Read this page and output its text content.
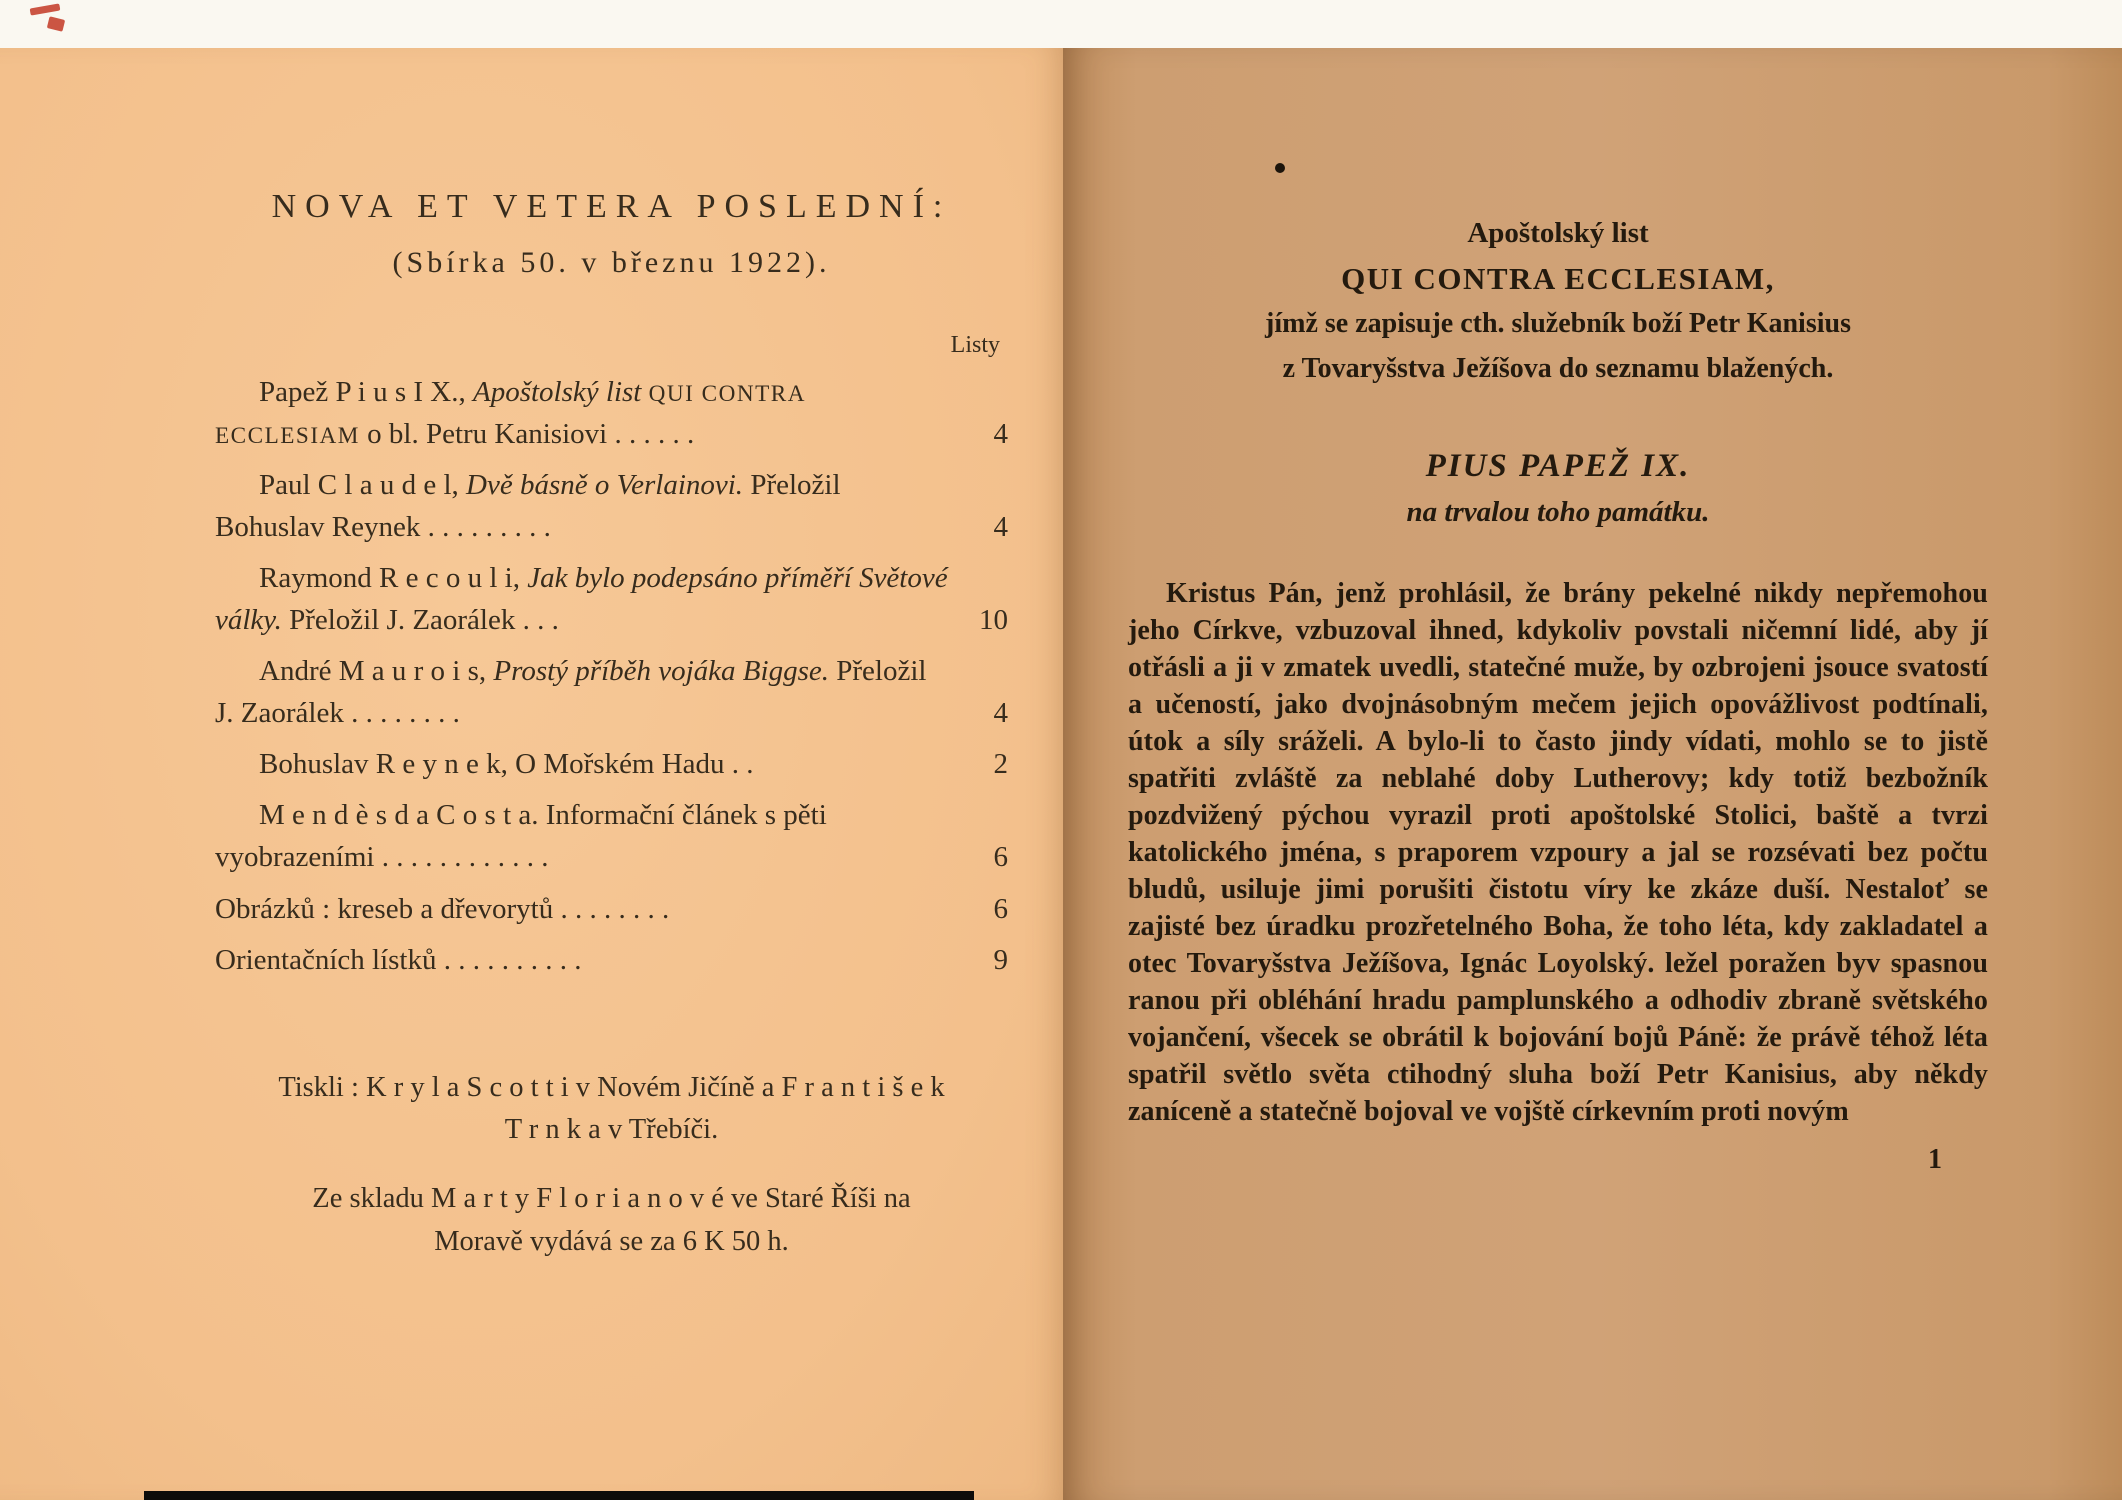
NOVA ET VETERA POSLEDNÍ:
(Sbírka 50. v březnu 1922).
Listy
Papež P i u s I X., Apoštolský list QUI CONTRA ECCLESIAM o bl. Petru Kanisiovi . . . . . .	4
Paul C l a u d e l, Dvě básně o Verlainovi. Přeložil Bohuslav Reynek . . . . . . . . .	4
Raymond R e c o u l i, Jak bylo podepsáno příměří Světové války. Přeložil J. Zaorálek . . .	10
André M a u r o i s, Prostý příběh vojáka Biggse. Přeložil J. Zaorálek . . . . . . . .	4
Bohuslav R e y n e k, O Mořském Hadu . .	2
M e n d è s d a C o s t a. Informační článek s pěti vyobrazeními . . . . . . . . . . . .	6
Obrázků : kreseb a dřevorytů . . . . . . . .	6
Orientačních lístků . . . . . . . . . .	9
Tiskli : K r y l a S c o t t i v Novém Jičíně a F r a n t i š e k
T r n k a v Třebíči.
Ze skladu M a r t y F l o r i a n o v é ve Staré Říši na
Moravě vydává se za 6 K 50 h.
Apoštolský list
QUI CONTRA ECCLESIAM,
jímž se zapisuje cth. služebník boží Petr Kanisius
z Tovaryšstva Ježíšova do seznamu blažených.
PIUS PAPEŽ IX.
na trvalou toho památku.

Kristus Pán, jenž prohlásil, že brány pekelné nikdy nepřemohou jeho Církve, vzbuzoval ihned, kdykoliv povstali ničemní lidé, aby jí otřásli a ji v zmatek uvedli, statečné muže, by ozbrojeni jsouce svatostí a učeností, jako dvojnásobným mečem jejich opovážlivost podtínali, útok a síly sráželi. A bylo-li to často jindy vídati, mohlo se to jistě spatřiti zvláště za neblahé doby Lutherovy; kdy totiž bezbožník pozdvižený pýchou vyrazil proti apoštolské Stolici, baště a tvrzi katolického jména, s praporem vzpoury a jal se rozsévati bez počtu bludů, usiluje jimi porušiti čistotu víry ke zkáze duší. Nestaloť se zajisté bez úradku prozřetelného Boha, že toho léta, kdy zakladatel a otec Tovaryšstva Ježíšova, Ignác Loyolský. ležel poražen byv spasnou ranou při obléhání hradu pamplunského a odhodiv zbraně světského vojančení, všecek se obrátil k bojování bojů Páně: že právě téhož léta spatřil světlo světa ctihodný sluha boží Petr Kanisius, aby někdy zaníceně a statečně bojoval ve vojště církevním proti novým

1
